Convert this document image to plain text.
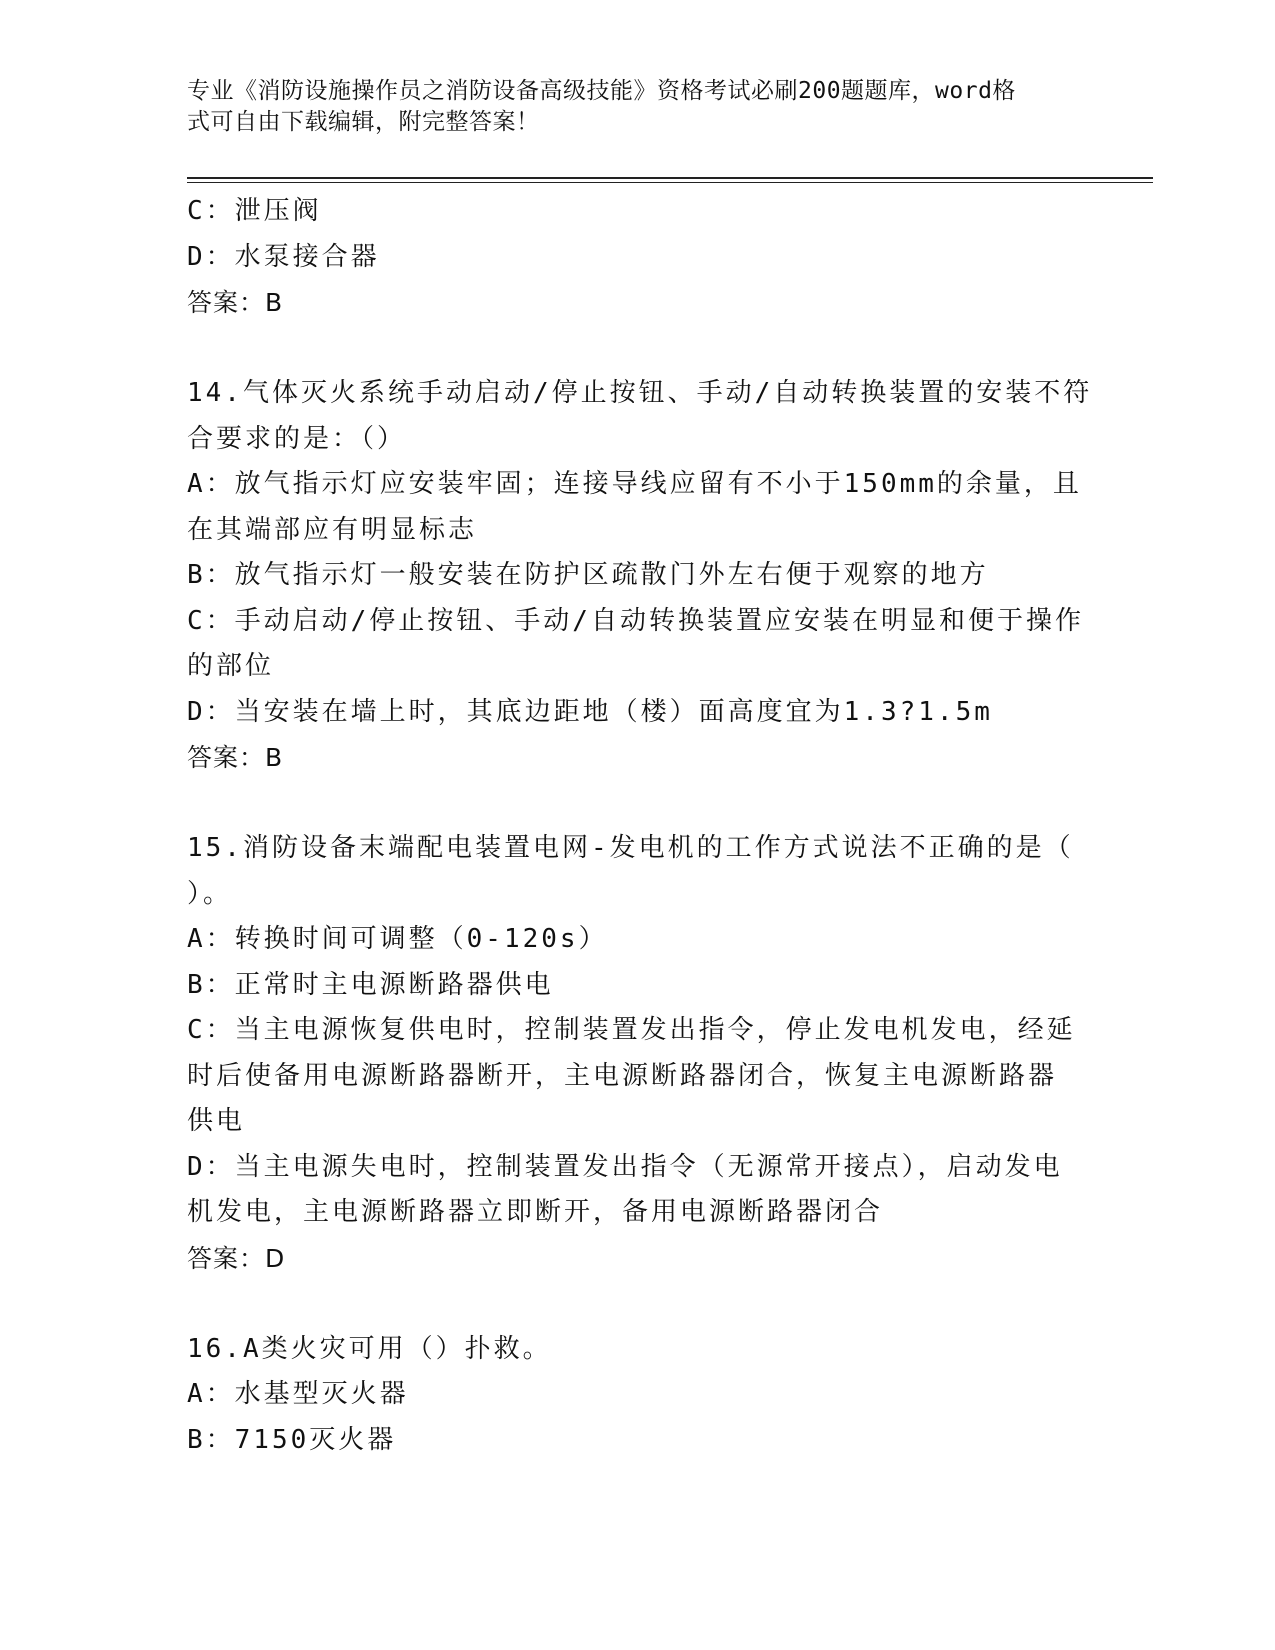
专业《消防设施操作员之消防设备高级技能》资格考试必刷200题题库，word格
式可自由下载编辑，附完整答案！
C：泄压阀
D：水泵接合器
答案：B
14.气体灭火系统手动启动/停止按钮、手动/自动转换装置的安装不符
合要求的是：（）
A：放气指示灯应安装牢固；连接导线应留有不小于150mm的余量，且
在其端部应有明显标志
B：放气指示灯一般安装在防护区疏散门外左右便于观察的地方
C：手动启动/停止按钮、手动/自动转换装置应安装在明显和便于操作
的部位
D：当安装在墙上时，其底边距地（楼）面高度宜为1.3?1.5m
答案：B
15.消防设备末端配电装置电网-发电机的工作方式说法不正确的是（
）。
A：转换时间可调整（0-120s）
B：正常时主电源断路器供电
C：当主电源恢复供电时，控制装置发出指令，停止发电机发电，经延
时后使备用电源断路器断开，主电源断路器闭合，恢复主电源断路器
供电
D：当主电源失电时，控制装置发出指令（无源常开接点），启动发电
机发电，主电源断路器立即断开，备用电源断路器闭合
答案：D
16.A类火灾可用（）扑救。
A：水基型灭火器
B：7150灭火器
